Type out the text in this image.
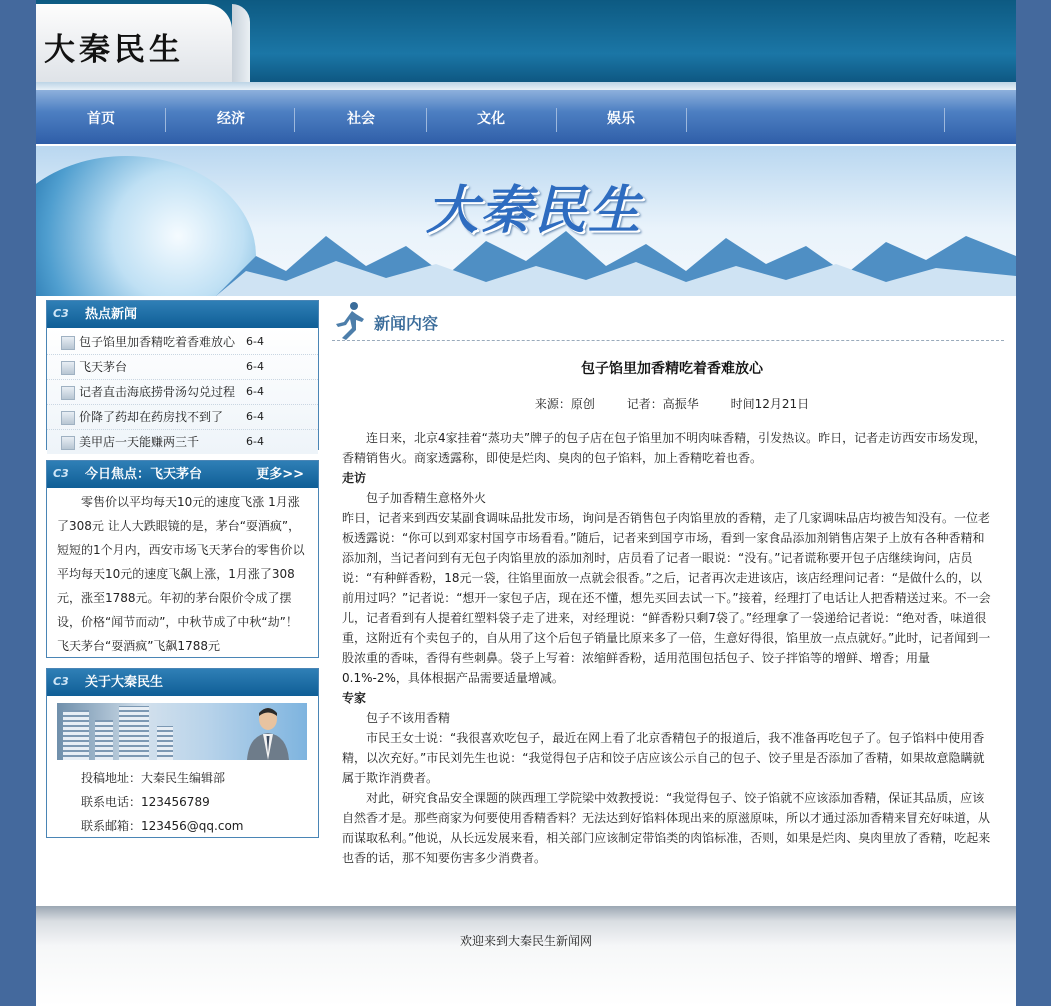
大秦民生
首页	经济	社会	文化	娱乐
大秦民生
C3	热点新闻
包子馅里加香精吃着香难放心 6-4
飞天茅台	6-4
记者直击海底捞骨汤勾兑过程 6-4
价降了药却在药房找不到了 6-4
美甲店一天能赚两三千	6-4
C3	今日焦点：飞天茅台	更多>>
零售价以平均每天10元的速度飞涨 1月涨了308元 让人大跌眼镜的是，茅台“耍酒疯”，短短的1个月内，西安市场飞天茅台的零售价以平均每天10元的速度飞飙上涨，1月涨了308元，涨至1788元。年初的茅台限价令成了摆设，价格“闻节而动”，中秋节成了中秋“劫”！ 飞天茅台“耍酒疯”飞飙1788元
C3	关于大秦民生
投稿地址：大秦民生编辑部
联系电话：123456789
联系邮箱：123456@qq.com
新闻内容
包子馅里加香精吃着香难放心
来源：原创	记者：高振华	时间12月21日

连日来，北京4家挂着“蒸功夫”牌子的包子店在包子馅里加不明肉味香精，引发热议。昨日，记者走访西安市场发现，香精销售火。商家透露称，即使是烂肉、臭肉的包子馅料，加上香精吃着也香。

走访

包子加香精生意格外火

昨日，记者来到西安某副食调味品批发市场，询问是否销售包子肉馅里放的香精，走了几家调味品店均被告知没有。一位老板透露说：“你可以到邓家村国亨市场看看。”随后，记者来到国亨市场，看到一家食品添加剂销售店架子上放有各种香精和添加剂，当记者问到有无包子肉馅里放的添加剂时，店员看了记者一眼说：“没有。”记者谎称要开包子店继续询问，店员说：“有种鲜香粉，18元一袋，往馅里面放一点就会很香。”之后，记者再次走进该店，该店经理问记者：“是做什么的，以前用过吗？”记者说：“想开一家包子店，现在还不懂，想先买回去试一下。”接着，经理打了电话让人把香精送过来。不一会儿，记者看到有人提着红塑料袋子走了进来，对经理说：“鲜香粉只剩7袋了。”经理拿了一袋递给记者说：“绝对香，味道很重，这附近有个卖包子的，自从用了这个后包子销量比原来多了一倍，生意好得很，馅里放一点点就好。”此时，记者闻到一股浓重的香味，香得有些刺鼻。袋子上写着：浓缩鲜香粉，适用范围包括包子、饺子拌馅等的增鲜、增香；用量0.1%-2%，具体根据产品需要适量增减。

专家

包子不该用香精

市民王女士说：“我很喜欢吃包子，最近在网上看了北京香精包子的报道后，我不准备再吃包子了。包子馅料中使用香精，以次充好。”市民刘先生也说：“我觉得包子店和饺子店应该公示自己的包子、饺子里是否添加了香精，如果故意隐瞒就属于欺诈消费者。

对此，研究食品安全课题的陕西理工学院梁中效教授说：“我觉得包子、饺子馅就不应该添加香精，保证其品质，应该自然香才是。那些商家为何要使用香精香料？无法达到好馅料体现出来的原滋原味，所以才通过添加香精来冒充好味道，从而谋取私利。”他说，从长远发展来看，相关部门应该制定带馅类的肉馅标准，否则，如果是烂肉、臭肉里放了香精，吃起来也香的话，那不知要伤害多少消费者。

欢迎来到大秦民生新闻网
